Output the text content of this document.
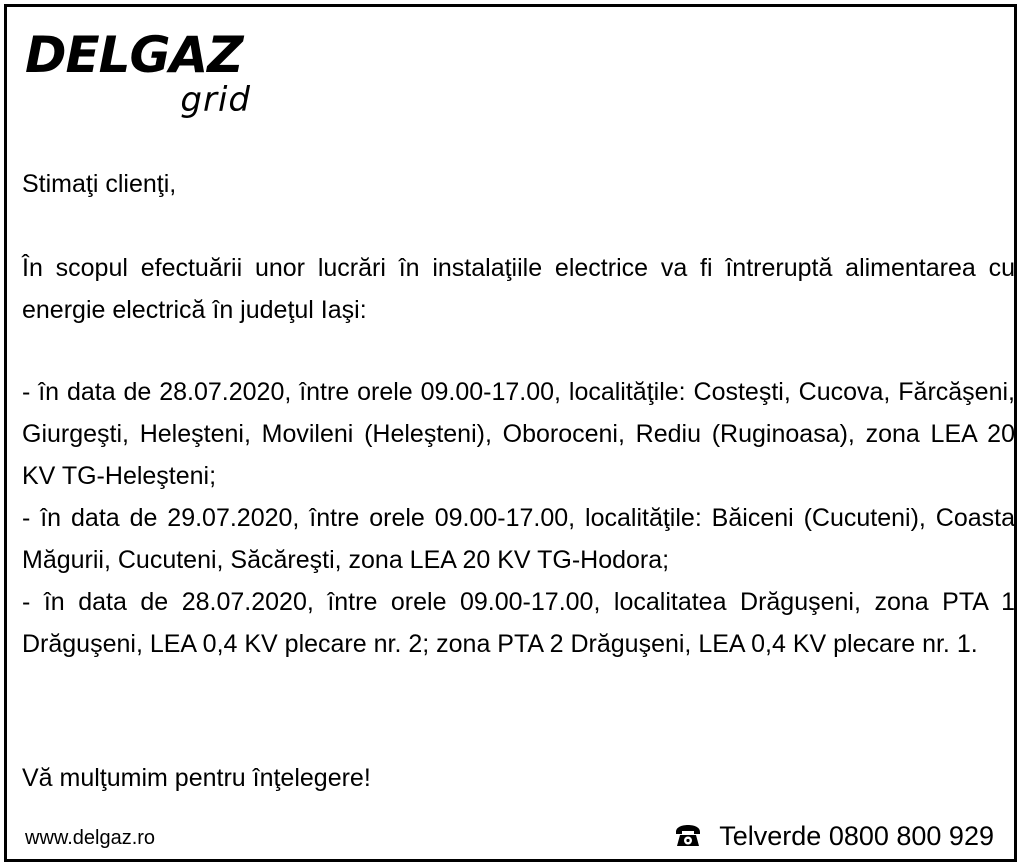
DELGAZ
grid

Stimaţi clienţi,

În scopul efectuării unor lucrări în instalaţiile electrice va fi întreruptă alimentarea cu energie electrică în judeţul Iaşi:

- în data de 28.07.2020, între orele 09.00-17.00, localităţile: Costeşti, Cucova, Fărcăşeni, Giurgeşti, Heleşteni, Movileni (Heleşteni), Oboroceni, Rediu (Ruginoasa), zona LEA 20 KV TG-Heleşteni;

- în data de 29.07.2020, între orele 09.00-17.00, localităţile: Băiceni (Cucuteni), Coasta Măgurii, Cucuteni, Săcăreşti, zona LEA 20 KV TG-Hodora;

- în data de 28.07.2020, între orele 09.00-17.00, localitatea Drăguşeni, zona PTA 1 Drăguşeni, LEA 0,4 KV plecare nr. 2; zona PTA 2 Drăguşeni, LEA 0,4 KV plecare nr. 1.

Vă mulţumim pentru înţelegere!

www.delgaz.ro	Telverde 0800 800 929
